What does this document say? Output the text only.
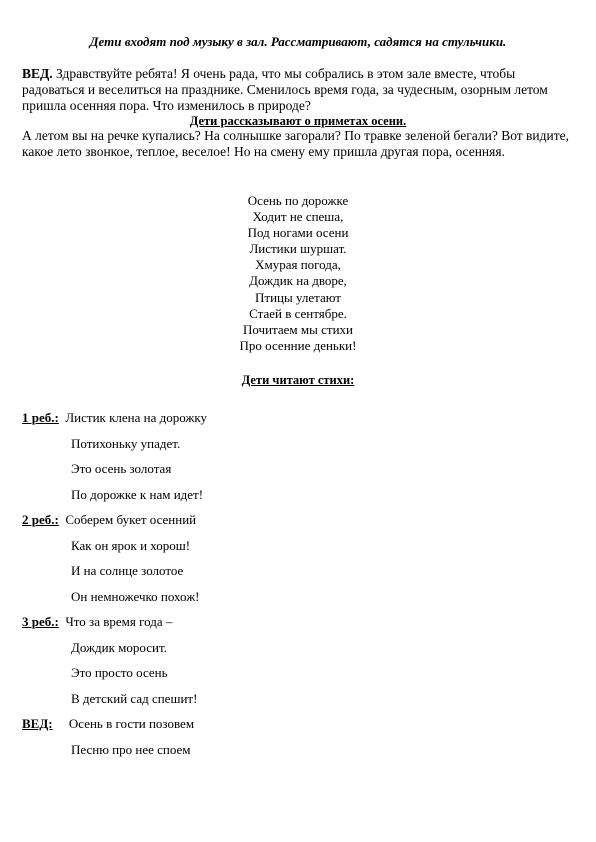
Дети входят под музыку в зал. Рассматривают, садятся на стульчики.
ВЕД. Здравствуйте ребята! Я очень рада, что мы собрались в этом зале вместе, чтобы радоваться и веселиться на празднике. Сменилось время года, за чудесным, озорным летом пришла осенняя пора. Что изменилось в природе?
Дети рассказывают о приметах осени.
А летом вы на речке купались? На солнышке загорали? По травке зеленой бегали? Вот видите, какое лето звонкое, теплое, веселое! Но на смену ему пришла другая пора, осенняя.
Осень по дорожке
Ходит не спеша,
Под ногами осени
Листики шуршат.
Хмурая погода,
Дождик на дворе,
Птицы улетают
Стаей в сентябре.
Почитаем мы стихи
Про осенние деньки!
Дети читают стихи:
1 реб.: Листик клена на дорожку
Потихоньку упадет.
Это осень золотая
По дорожке к нам идет!
2 реб.: Соберем букет осенний
Как он ярок и хорош!
И на солнце золотое
Он немножечко похож!
3 реб.: Что за время года –
Дождик моросит.
Это просто осень
В детский сад спешит!
ВЕД: Осень в гости позовем
Песню про нее споем
